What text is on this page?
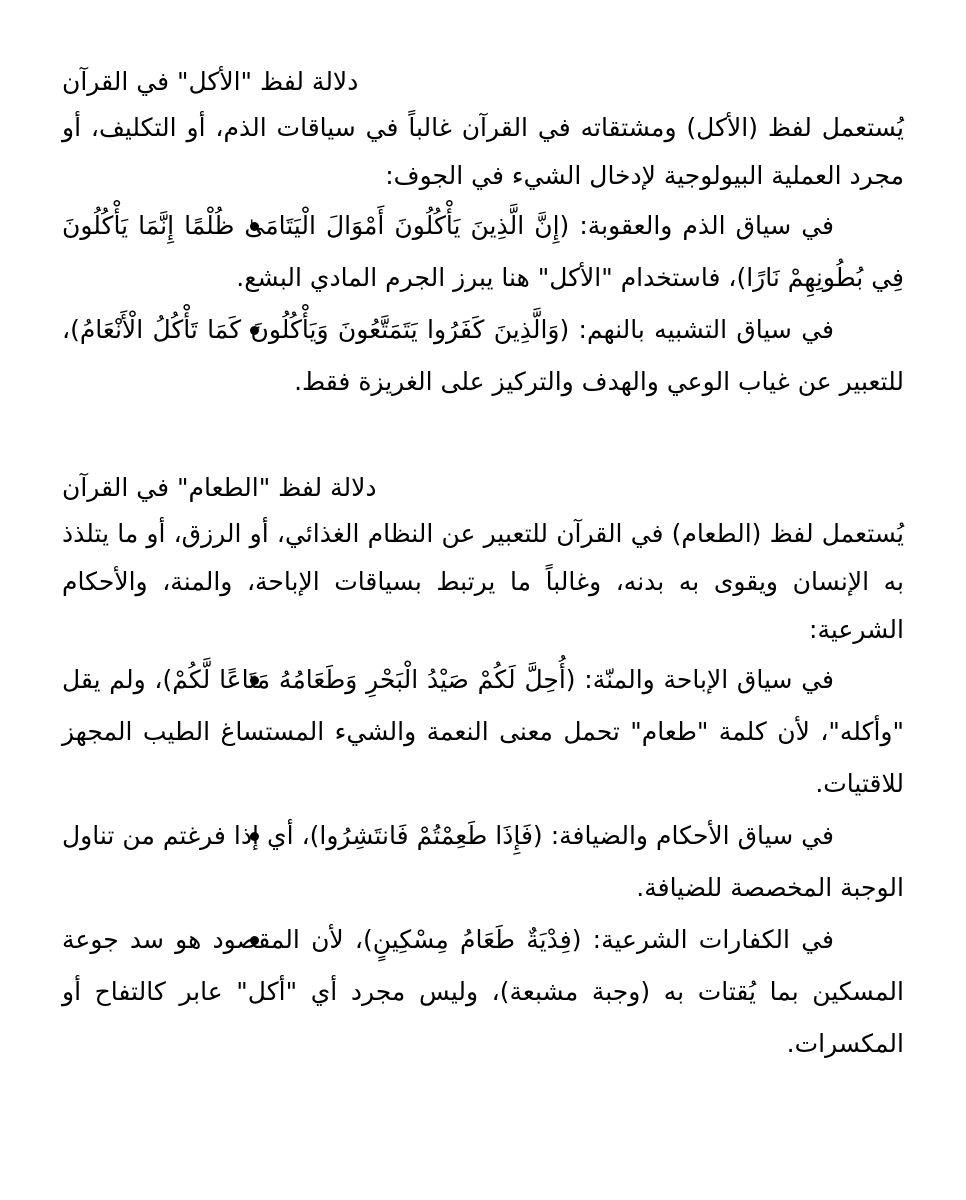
دلالة لفظ "الأكل" في القرآن

يُستعمل لفظ (الأكل) ومشتقاته في القرآن غالباً في سياقات الذم، أو التكليف، أو مجرد العملية البيولوجية لإدخال الشيء في الجوف:

في سياق الذم والعقوبة: (إِنَّ الَّذِينَ يَأْكُلُونَ أَمْوَالَ الْيَتَامَىٰ ظُلْمًا إِنَّمَا يَأْكُلُونَ فِي بُطُونِهِمْ نَارًا)، فاستخدام "الأكل" هنا يبرز الجرم المادي البشع.
في سياق التشبيه بالنهم: (وَالَّذِينَ كَفَرُوا يَتَمَتَّعُونَ وَيَأْكُلُونَ كَمَا تَأْكُلُ الْأَنْعَامُ)، للتعبير عن غياب الوعي والهدف والتركيز على الغريزة فقط.
دلالة لفظ "الطعام" في القرآن

يُستعمل لفظ (الطعام) في القرآن للتعبير عن النظام الغذائي، أو الرزق، أو ما يتلذذ به الإنسان ويقوى به بدنه، وغالباً ما يرتبط بسياقات الإباحة، والمنة، والأحكام الشرعية:

في سياق الإباحة والمنّة: (أُحِلَّ لَكُمْ صَيْدُ الْبَحْرِ وَطَعَامُهُ مَتَاعًا لَّكُمْ)، ولم يقل "وأكله"، لأن كلمة "طعام" تحمل معنى النعمة والشيء المستساغ الطيب المجهز للاقتيات.
في سياق الأحكام والضيافة: (فَإِذَا طَعِمْتُمْ فَانتَشِرُوا)، أي إذا فرغتم من تناول الوجبة المخصصة للضيافة.
في الكفارات الشرعية: (فِدْيَةٌ طَعَامُ مِسْكِينٍ)، لأن المقصود هو سد جوعة المسكين بما يُقتات به (وجبة مشبعة)، وليس مجرد أي "أكل" عابر كالتفاح أو المكسرات.
